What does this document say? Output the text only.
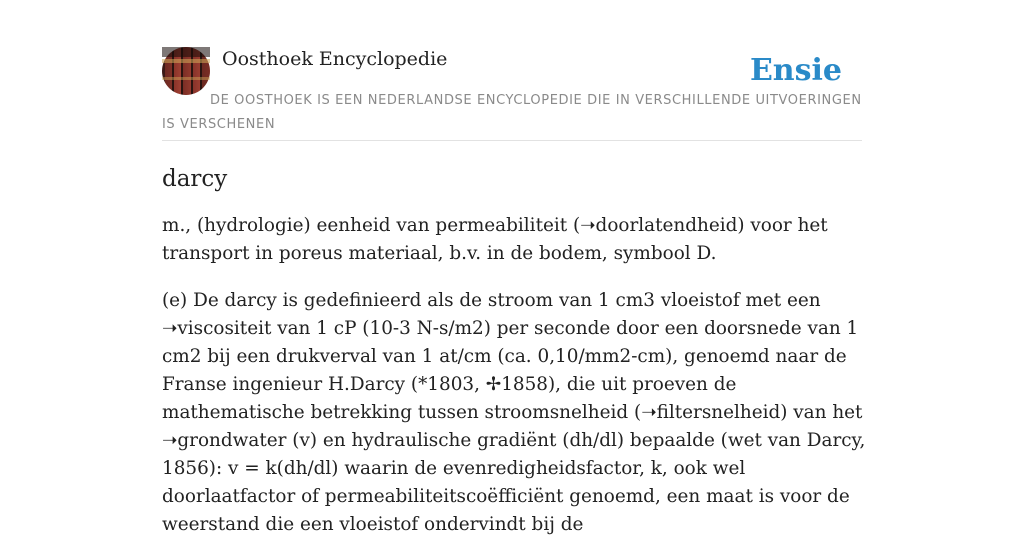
Oosthoek Encyclopedie	Ensie
DE OOSTHOEK IS EEN NEDERLANDSE ENCYCLOPEDIE DIE IN VERSCHILLENDE UITVOERINGEN IS VERSCHENEN
darcy

m., (hydrologie) eenheid van permeabiliteit (➝doorlatendheid) voor het transport in poreus materiaal, b.v. in de bodem, symbool D.

(e) De darcy is gedefinieerd als de stroom van 1 cm3 vloeistof met een ➝viscositeit van 1 cP (10-3 N-s/m2) per seconde door een doorsnede van 1 cm2 bij een drukverval van 1 at/cm (ca. 0,10/mm2-cm), genoemd naar de Franse ingenieur H.Darcy (*1803, ✢1858), die uit proeven de mathematische betrekking tussen stroomsnelheid (➝filtersnelheid) van het ➝grondwater (v) en hydraulische gradiënt (dh/dl) bepaalde (wet van Darcy, 1856): v = k(dh/dl) waarin de evenredigheidsfactor, k, ook wel doorlaatfactor of permeabiliteitscoëfficiënt genoemd, een maat is voor de weerstand die een vloeistof ondervindt bij de
